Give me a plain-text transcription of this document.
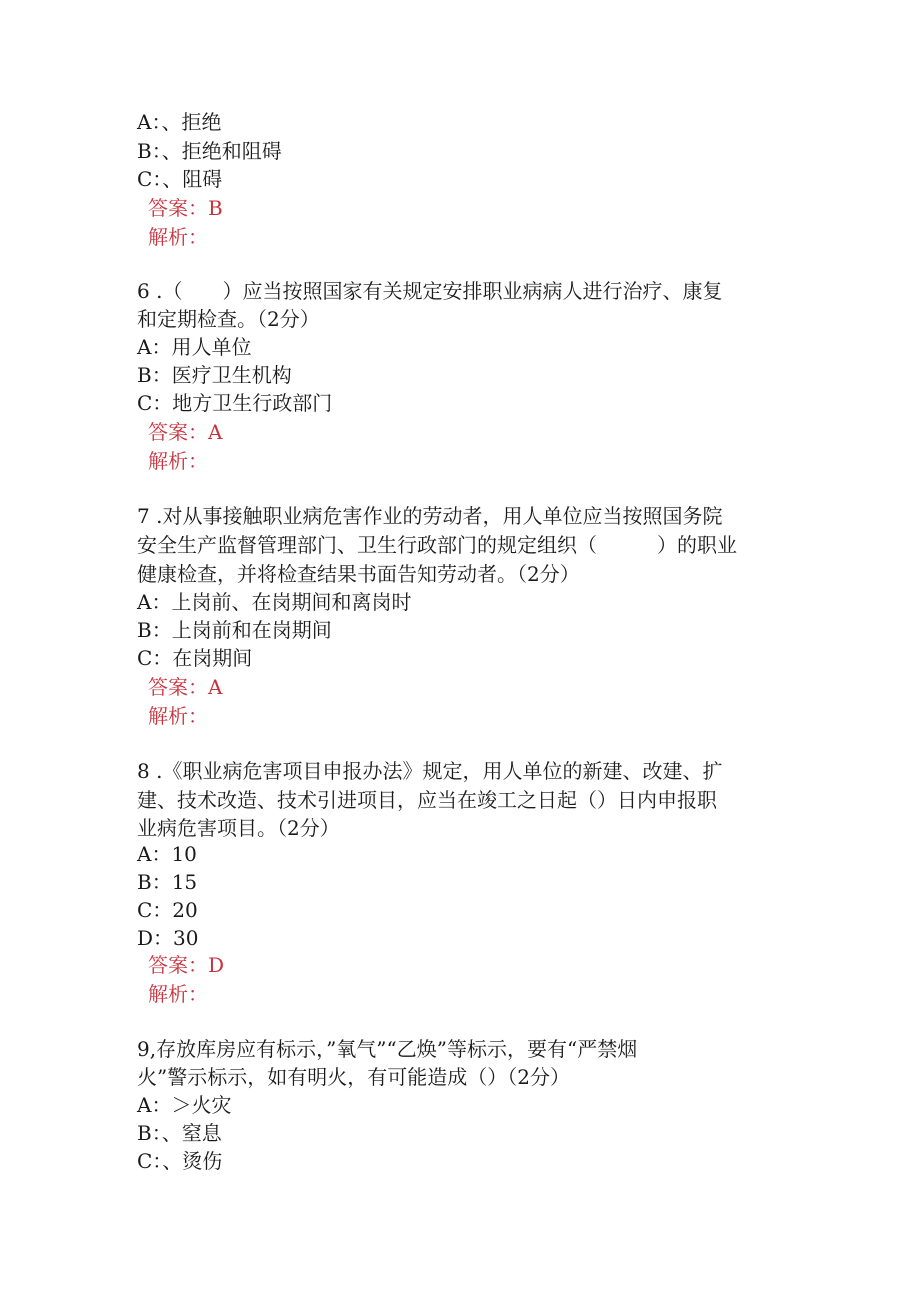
A：、拒绝
B：、拒绝和阻碍
C：、阻碍
答案：B
解析：
6 .（　　）应当按照国家有关规定安排职业病病人进行治疗、康复
和定期检查。（2分）
A：用人单位
B：医疗卫生机构
C：地方卫生行政部门
答案：A
解析：
7 .对从事接触职业病危害作业的劳动者，用人单位应当按照国务院
安全生产监督管理部门、卫生行政部门的规定组织（　　　）的职业
健康检查，并将检查结果书面告知劳动者。（2分）
A：上岗前、在岗期间和离岗时
B：上岗前和在岗期间
C：在岗期间
答案：A
解析：
8 .《职业病危害项目申报办法》规定，用人单位的新建、改建、扩
建、技术改造、技术引进项目，应当在竣工之日起（）日内申报职
业病危害项目。（2分）
A：10
B：15
C：20
D：30
答案：D
解析：
9,存放库房应有标示，”氧气”“乙焕”等标示，要有“严禁烟
火”警示标示，如有明火，有可能造成（）（2分）
A：＞火灾
B：、窒息
C：、烫伤
